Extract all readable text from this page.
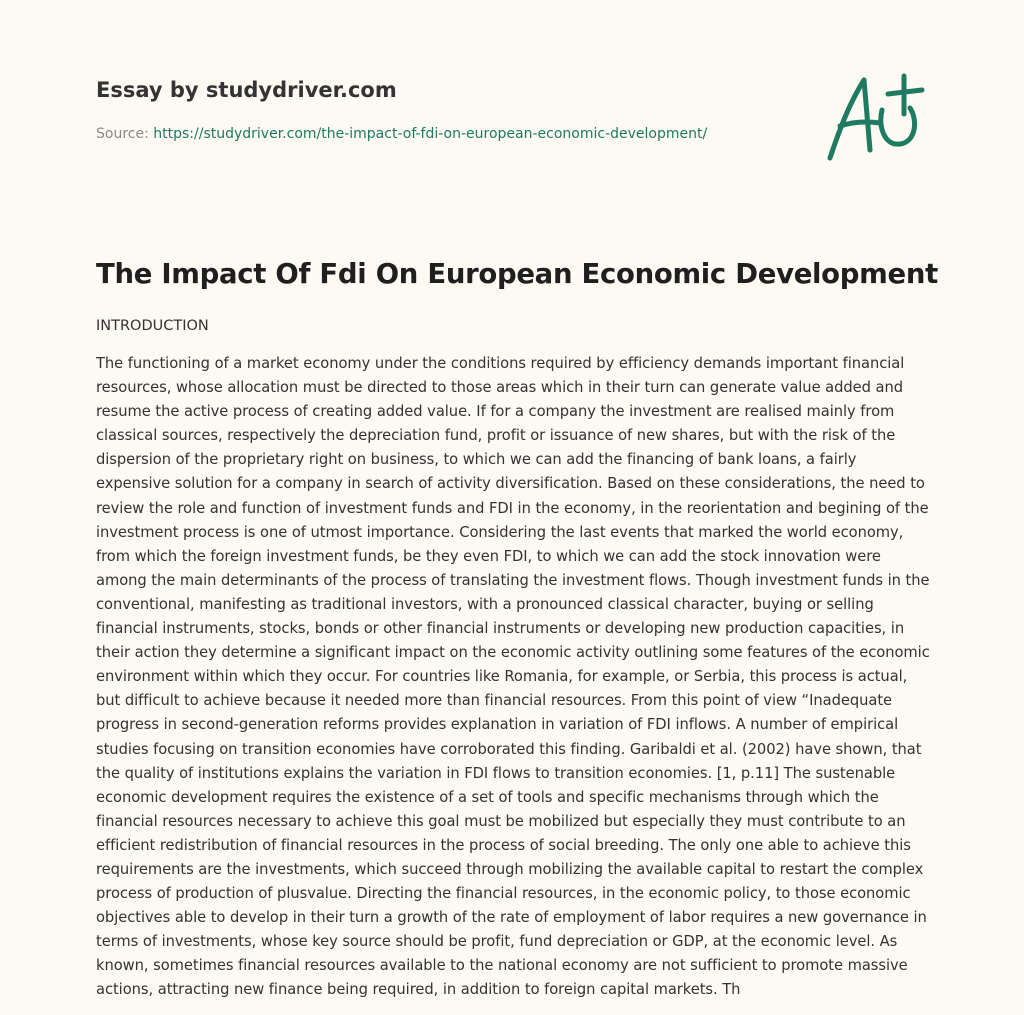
Essay by studydriver.com
Source: https://studydriver.com/the-impact-of-fdi-on-european-economic-development/
The Impact Of Fdi On European Economic Development

INTRODUCTION

The functioning of a market economy under the conditions required by efficiency demands important financial resources, whose allocation must be directed to those areas which in their turn can generate value added and resume the active process of creating added value. If for a company the investment are realised mainly from classical sources, respectively the depreciation fund, profit or issuance of new shares, but with the risk of the dispersion of the proprietary right on business, to which we can add the financing of bank loans, a fairly expensive solution for a company in search of activity diversification. Based on these considerations, the need to review the role and function of investment funds and FDI in the economy, in the reorientation and begining of the investment process is one of utmost importance. Considering the last events that marked the world economy, from which the foreign investment funds, be they even FDI, to which we can add the stock innovation were among the main determinants of the process of translating the investment flows. Though investment funds in the conventional, manifesting as traditional investors, with a pronounced classical character, buying or selling financial instruments, stocks, bonds or other financial instruments or developing new production capacities, in their action they determine a significant impact on the economic activity outlining some features of the economic environment within which they occur. For countries like Romania, for example, or Serbia, this process is actual, but difficult to achieve because it needed more than financial resources. From this point of view “Inadequate progress in second-generation reforms provides explanation in variation of FDI inflows. A number of empirical studies focusing on transition economies have corroborated this finding. Garibaldi et al. (2002) have shown, that the quality of institutions explains the variation in FDI flows to transition economies. [1, p.11] The sustenable economic development requires the existence of a set of tools and specific mechanisms through which the financial resources necessary to achieve this goal must be mobilized but especially they must contribute to an efficient redistribution of financial resources in the process of social breeding. The only one able to achieve this requirements are the investments, which succeed through mobilizing the available capital to restart the complex process of production of plusvalue. Directing the financial resources, in the economic policy, to those economic objectives able to develop in their turn a growth of the rate of employment of labor requires a new governance in terms of investments, whose key source should be profit, fund depreciation or GDP, at the economic level. As known, sometimes financial resources available to the national economy are not sufficient to promote massive actions, attracting new finance being required, in addition to foreign capital markets. Th
